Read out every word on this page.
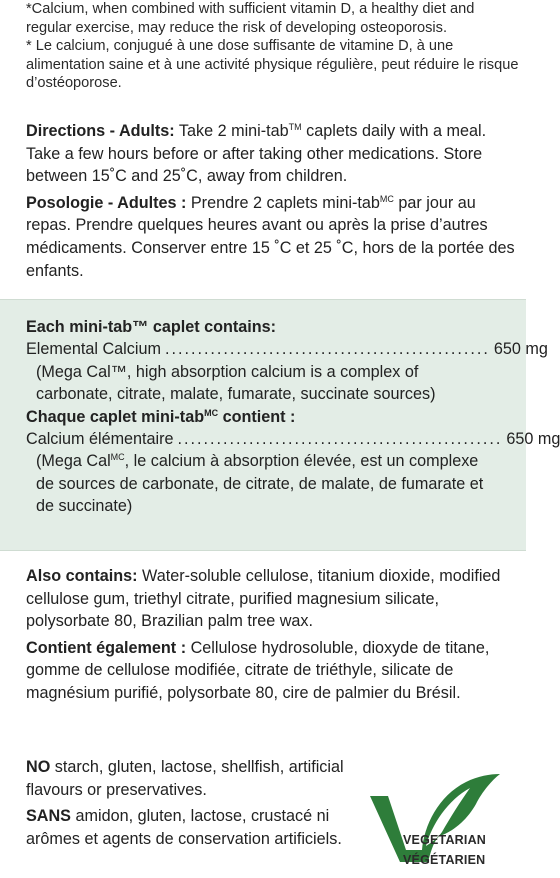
*Calcium, when combined with sufficient vitamin D, a healthy diet and regular exercise, may reduce the risk of developing osteoporosis.

* Le calcium, conjugué à une dose suffisante de vitamine D, à une alimentation saine et à une activité physique régulière, peut réduire le risque d’ostéoporose.

Directions - Adults: Take 2 mini-tab™ caplets daily with a meal. Take a few hours before or after taking other medications. Store between 15˚C and 25˚C, away from children.

Posologie - Adultes : Prendre 2 caplets mini-tab$^{MC}$ par jour au repas. Prendre quelques heures avant ou après la prise d’autres médicaments. Conserver entre 15 ˚C et 25 ˚C, hors de la portée des enfants.

Each mini-tab™ caplet contains:
Elemental Calcium .................................................. 650 mg
(Mega Cal™, high absorption calcium is a complex of carbonate, citrate, malate, fumarate, succinate sources)
Chaque caplet mini-tab$^{MC}$ contient :
Calcium élémentaire .................................................. 650 mg
(Mega Cal$^{MC}$, le calcium à absorption élevée, est un complexe de sources de carbonate, de citrate, de malate, de fumarate et de succinate)

Also contains: Water-soluble cellulose, titanium dioxide, modified cellulose gum, triethyl citrate, purified magnesium silicate, polysorbate 80, Brazilian palm tree wax.

Contient également : Cellulose hydrosoluble, dioxyde de titane, gomme de cellulose modifiée, citrate de triéthyle, silicate de magnésium purifié, polysorbate 80, cire de palmier du Brésil.

NO starch, gluten, lactose, shellfish, artificial flavours or preservatives.

SANS amidon, gluten, lactose, crustacé ni arômes et agents de conservation artificiels.	VEGETARIAN
VÉGÉTARIEN
